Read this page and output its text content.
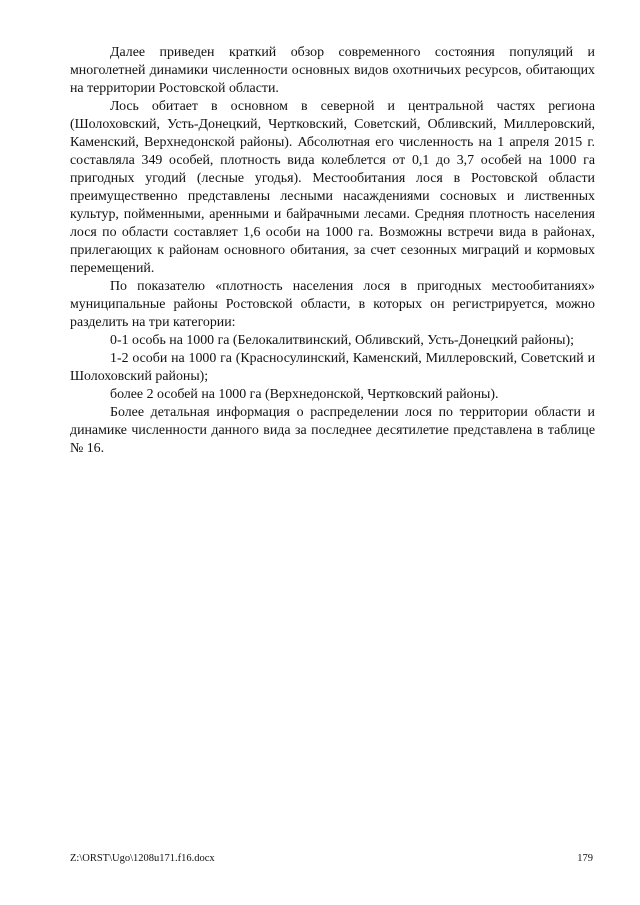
Далее приведен краткий обзор современного состояния популяций и многолетней динамики численности основных видов охотничьих ресурсов, обитающих на территории Ростовской области.

Лось обитает в основном в северной и центральной частях региона (Шолоховский, Усть-Донецкий, Чертковский, Советский, Обливский, Миллеровский, Каменский, Верхнедонской районы). Абсолютная его численность на 1 апреля 2015 г. составляла 349 особей, плотность вида колеблется от 0,1 до 3,7 особей на 1000 га пригодных угодий (лесные угодья). Местообитания лося в Ростовской области преимущественно представлены лесными насаждениями сосновых и лиственных культур, пойменными, аренными и байрачными лесами. Средняя плотность населения лося по области составляет 1,6 особи на 1000 га. Возможны встречи вида в районах, прилегающих к районам основного обитания, за счет сезонных миграций и кормовых перемещений.

По показателю «плотность населения лося в пригодных местообитаниях» муниципальные районы Ростовской области, в которых он регистрируется, можно разделить на три категории:

0-1 особь на 1000 га (Белокалитвинский, Обливский, Усть-Донецкий районы);

1-2 особи на 1000 га (Красносулинский, Каменский, Миллеровский, Советский и Шолоховский районы);

более 2 особей на 1000 га (Верхнедонской, Чертковский районы).

Более детальная информация о распределении лося по территории области и динамике численности данного вида за последнее десятилетие представлена в таблице № 16.

Z:\ORST\Ugo\1208u171.f16.docx	179
